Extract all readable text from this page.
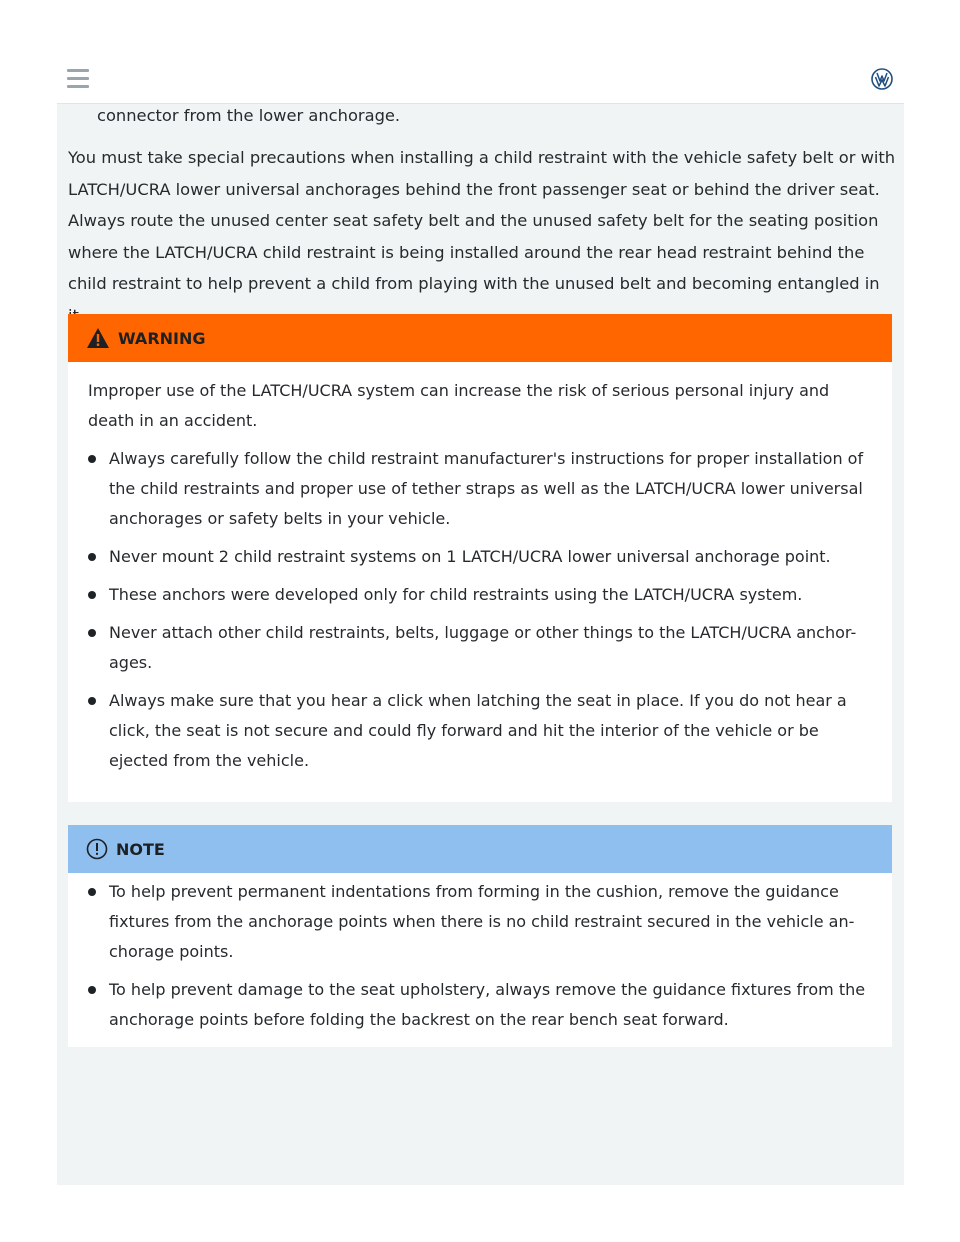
connector from the lower anchorage.
You must take special precautions when installing a child restraint with the vehicle safety belt or with LATCH/UCRA lower universal anchorages behind the front passenger seat or behind the driver seat. Always route the unused center seat safety belt and the unused safety belt for the seating position where the LATCH/UCRA child restraint is being installed around the rear head restraint behind the child restraint to help prevent a child from playing with the unused belt and becoming entangled in
WARNING
Improper use of the LATCH/UCRA system can increase the risk of serious personal injury and death in an accident.
Always carefully follow the child restraint manufacturer's instructions for proper installation of the child restraints and proper use of tether straps as well as the LATCH/UCRA lower universal anchorages or safety belts in your vehicle.
Never mount 2 child restraint systems on 1 LATCH/UCRA lower universal anchorage point.
These anchors were developed only for child restraints using the LATCH/UCRA system.
Never attach other child restraints, belts, luggage or other things to the LATCH/UCRA anchor-ages.
Always make sure that you hear a click when latching the seat in place. If you do not hear a click, the seat is not secure and could fly forward and hit the interior of the vehicle or be ejected from the vehicle.
NOTE
To help prevent permanent indentations from forming in the cushion, remove the guidance fixtures from the anchorage points when there is no child restraint secured in the vehicle an-chorage points.
To help prevent damage to the seat upholstery, always remove the guidance fixtures from the anchorage points before folding the backrest on the rear bench seat forward.
